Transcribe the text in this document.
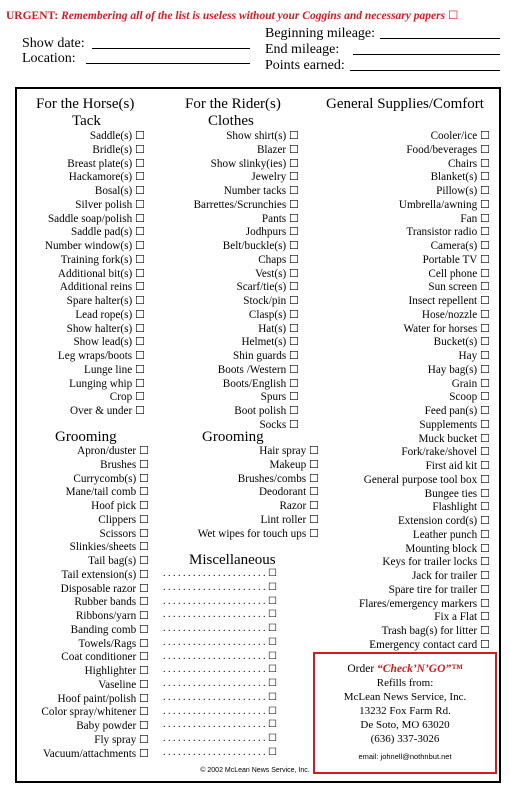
URGENT: Remembering all of the list is useless without your Coggins and necessary papers ☐
Show date:
Location:
Beginning mileage:
End mileage:
Points earned:
For the Horse(s)
Tack
Saddle(s) ☐
Bridle(s) ☐
Breast plate(s) ☐
Hackamore(s) ☐
Bosal(s) ☐
Silver polish ☐
Saddle soap/polish ☐
Saddle pad(s) ☐
Number window(s) ☐
Training fork(s) ☐
Additional bit(s) ☐
Additional reins ☐
Spare halter(s) ☐
Lead rope(s) ☐
Show halter(s) ☐
Show lead(s) ☐
Leg wraps/boots ☐
Lunge line ☐
Lunging whip ☐
Crop ☐
Over & under ☐
Grooming
Apron/duster ☐
Brushes ☐
Currycomb(s) ☐
Mane/tail comb ☐
Hoof pick ☐
Clippers ☐
Scissors ☐
Slinkies/sheets ☐
Tail bag(s) ☐
Tail extension(s) ☐
Disposable razor ☐
Rubber bands ☐
Ribbons/yarn ☐
Banding comb ☐
Towels/Rags ☐
Coat conditioner ☐
Highlighter ☐
Vaseline ☐
Hoof paint/polish ☐
Color spray/whitener ☐
Baby powder ☐
Fly spray ☐
Vacuum/attachments ☐
For the Rider(s)
Clothes
Show shirt(s) ☐
Blazer ☐
Show slinky(ies) ☐
Jewelry ☐
Number tacks ☐
Barrettes/Scrunchies ☐
Pants ☐
Jodhpurs ☐
Belt/buckle(s) ☐
Chaps ☐
Vest(s) ☐
Scarf/tie(s) ☐
Stock/pin ☐
Clasp(s) ☐
Hat(s) ☐
Helmet(s) ☐
Shin guards ☐
Boots /Western ☐
Boots/English ☐
Spurs ☐
Boot polish ☐
Socks ☐
Grooming
Hair spray ☐
Makeup ☐
Brushes/combs ☐
Deodorant ☐
Razor ☐
Lint roller ☐
Wet wipes for touch ups ☐
Miscellaneous
. . . . . . . . . . . . . . . . . . . . . ☐
. . . . . . . . . . . . . . . . . . . . . ☐
. . . . . . . . . . . . . . . . . . . . . ☐
. . . . . . . . . . . . . . . . . . . . . ☐
. . . . . . . . . . . . . . . . . . . . . ☐
. . . . . . . . . . . . . . . . . . . . . ☐
. . . . . . . . . . . . . . . . . . . . . ☐
. . . . . . . . . . . . . . . . . . . . . ☐
. . . . . . . . . . . . . . . . . . . . . ☐
. . . . . . . . . . . . . . . . . . . . . ☐
. . . . . . . . . . . . . . . . . . . . . ☐
. . . . . . . . . . . . . . . . . . . . . ☐
. . . . . . . . . . . . . . . . . . . . . ☐
. . . . . . . . . . . . . . . . . . . . . ☐
General Supplies/Comfort
Cooler/ice ☐
Food/beverages ☐
Chairs ☐
Blanket(s) ☐
Pillow(s) ☐
Umbrella/awning ☐
Fan ☐
Transistor radio ☐
Camera(s) ☐
Portable TV ☐
Cell phone ☐
Sun screen ☐
Insect repellent ☐
Hose/nozzle ☐
Water for horses ☐
Bucket(s) ☐
Hay ☐
Hay bag(s) ☐
Grain ☐
Scoop ☐
Feed pan(s) ☐
Supplements ☐
Muck bucket ☐
Fork/rake/shovel ☐
First aid kit ☐
General purpose tool box ☐
Bungee ties ☐
Flashlight ☐
Extension cord(s) ☐
Leather punch ☐
Mounting block ☐
Keys for trailer locks ☐
Jack for trailer ☐
Spare tire for trailer ☐
Flares/emergency markers ☐
Fix a Flat ☐
Trash bag(s) for litter ☐
Emergency contact card ☐
Order “Check’N’GO”™
Refills from:
McLean News Service, Inc.
13232 Fox Farm Rd.
De Soto, MO 63020
(636) 337-3026
email: johnell@nothnbut.net
© 2002 McLean News Service, Inc.
